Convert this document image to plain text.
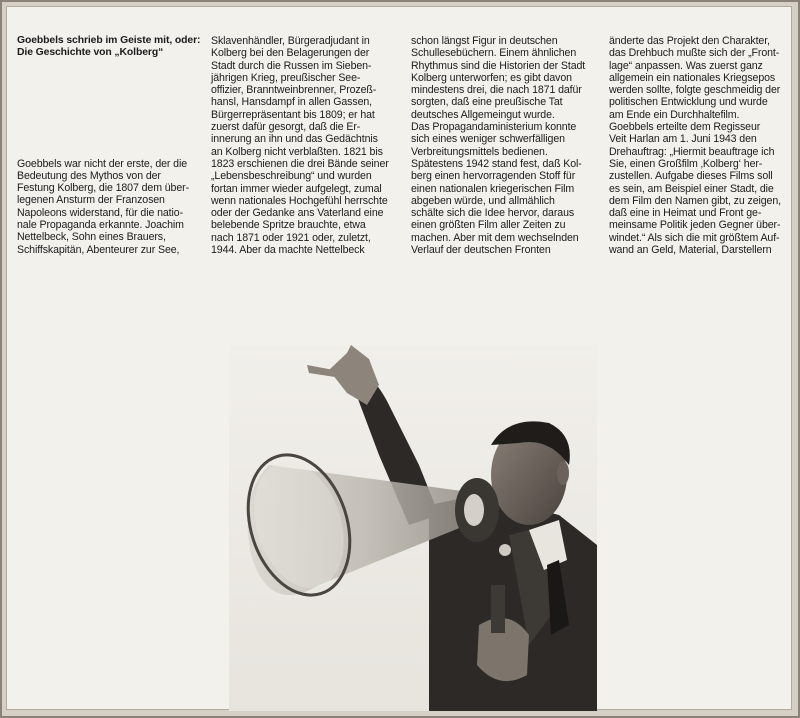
Goebbels schrieb im Geiste mit, oder:
Die Geschichte von „Kolberg“
Goebbels war nicht der erste, der die
Bedeutung des Mythos von der
Festung Kolberg, die 1807 dem über-
legenen Ansturm der Franzosen
Napoleons widerstand, für die natio-
nale Propaganda erkannte. Joachim
Nettelbeck, Sohn eines Brauers,
Schiffskapitän, Abenteurer zur See,
Sklavenhändler, Bürgeradjudant in
Kolberg bei den Belagerungen der
Stadt durch die Russen im Sieben-
jährigen Krieg, preußischer See-
offizier, Branntweinbrenner, Prozeß-
hansl, Hansdampf in allen Gassen,
Bürgerrepräsentant bis 1809; er hat
zuerst dafür gesorgt, daß die Er-
innerung an ihn und das Gedächtnis
an Kolberg nicht verblaßten. 1821 bis
1823 erschienen die drei Bände seiner
„Lebensbeschreibung“ und wurden
fortan immer wieder aufgelegt, zumal
wenn nationales Hochgefühl herrschte
oder der Gedanke ans Vaterland eine
belebende Spritze brauchte, etwa
nach 1871 oder 1921 oder, zuletzt,
1944. Aber da machte Nettelbeck
schon längst Figur in deutschen
Schullesebüchern. Einem ähnlichen
Rhythmus sind die Historien der Stadt
Kolberg unterworfen; es gibt davon
mindestens drei, die nach 1871 dafür
sorgten, daß eine preußische Tat
deutsches Allgemeingut wurde.
Das Propagandaministerium konnte
sich eines weniger schwerfälligen
Verbreitungsmittels bedienen.
Spätestens 1942 stand fest, daß Kol-
berg einen hervorragenden Stoff für
einen nationalen kriegerischen Film
abgeben würde, und allmählich
schälte sich die Idee hervor, daraus
einen größten Film aller Zeiten zu
machen. Aber mit dem wechselnden
Verlauf der deutschen Fronten
änderte das Projekt den Charakter,
das Drehbuch mußte sich der „Front-
lage“ anpassen. Was zuerst ganz
allgemein ein nationales Kriegsepos
werden sollte, folgte geschmeidig der
politischen Entwicklung und wurde
am Ende ein Durchhaltefilm.
Goebbels erteilte dem Regisseur
Veit Harlan am 1. Juni 1943 den
Drehauftrag: „Hiermit beauftrage ich
Sie, einen Großfilm ‚Kolberg‘ her-
zustellen. Aufgabe dieses Films soll
es sein, am Beispiel einer Stadt, die
dem Film den Namen gibt, zu zeigen,
daß eine in Heimat und Front ge-
meinsame Politik jeden Gegner über-
windet.“ Als sich die mit größtem Auf-
wand an Geld, Material, Darstellern
